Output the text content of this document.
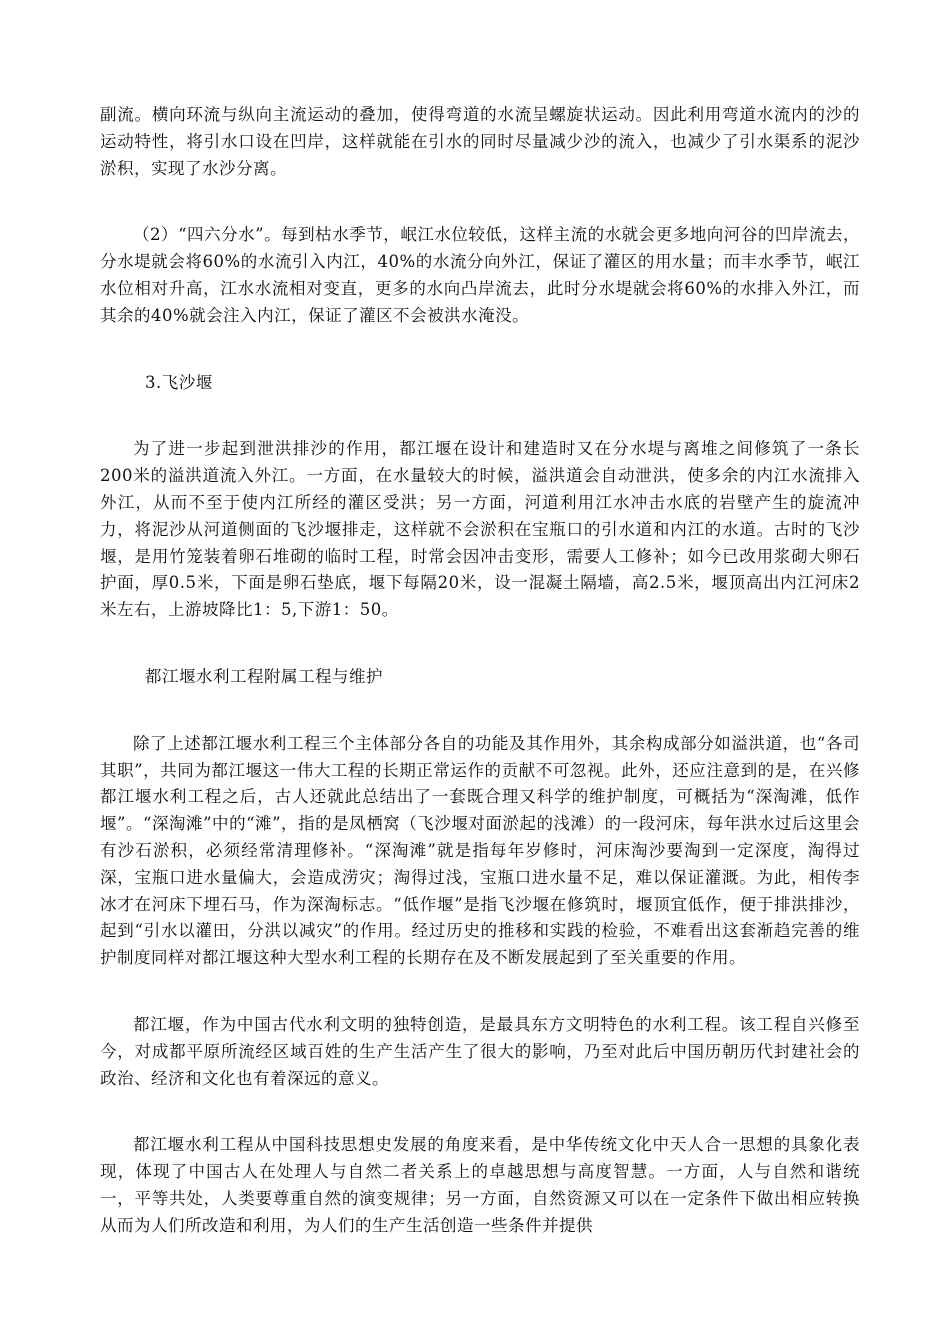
副流。横向环流与纵向主流运动的叠加，使得弯道的水流呈螺旋状运动。因此利用弯道水流内的沙的运动特性，将引水口设在凹岸，这样就能在引水的同时尽量减少沙的流入，也减少了引水渠系的泥沙淤积，实现了水沙分离。

（2）“四六分水”。每到枯水季节，岷江水位较低，这样主流的水就会更多地向河谷的凹岸流去，分水堤就会将60%的水流引入内江，40%的水流分向外江，保证了灌区的用水量；而丰水季节，岷江水位相对升高，江水水流相对变直，更多的水向凸岸流去，此时分水堤就会将60%的水排入外江，而其余的40%就会注入内江，保证了灌区不会被洪水淹没。

3.飞沙堰

为了进一步起到泄洪排沙的作用，都江堰在设计和建造时又在分水堤与离堆之间修筑了一条长200米的溢洪道流入外江。一方面，在水量较大的时候，溢洪道会自动泄洪，使多余的内江水流排入外江，从而不至于使内江所经的灌区受洪；另一方面，河道利用江水冲击水底的岩壁产生的旋流冲力，将泥沙从河道侧面的飞沙堰排走，这样就不会淤积在宝瓶口的引水道和内江的水道。古时的飞沙堰，是用竹笼装着卵石堆砌的临时工程，时常会因冲击变形，需要人工修补；如今已改用浆砌大卵石护面，厚0.5米，下面是卵石垫底，堰下每隔20米，设一混凝土隔墙，高2.5米，堰顶高出内江河床2米左右，上游坡降比1：5,下游1：50。

都江堰水利工程附属工程与维护

除了上述都江堰水利工程三个主体部分各自的功能及其作用外，其余构成部分如溢洪道，也“各司其职”，共同为都江堰这一伟大工程的长期正常运作的贡献不可忽视。此外，还应注意到的是，在兴修都江堰水利工程之后，古人还就此总结出了一套既合理又科学的维护制度，可概括为“深淘滩，低作堰”。“深淘滩”中的“滩”，指的是凤栖窝（飞沙堰对面淤起的浅滩）的一段河床，每年洪水过后这里会有沙石淤积，必须经常清理修补。“深淘滩”就是指每年岁修时，河床淘沙要淘到一定深度，淘得过深，宝瓶口进水量偏大，会造成涝灾；淘得过浅，宝瓶口进水量不足，难以保证灌溉。为此，相传李冰才在河床下埋石马，作为深淘标志。“低作堰”是指飞沙堰在修筑时，堰顶宜低作，便于排洪排沙，起到“引水以灌田，分洪以减灾”的作用。经过历史的推移和实践的检验，不难看出这套渐趋完善的维护制度同样对都江堰这种大型水利工程的长期存在及不断发展起到了至关重要的作用。

都江堰，作为中国古代水利文明的独特创造，是最具东方文明特色的水利工程。该工程自兴修至今，对成都平原所流经区域百姓的生产生活产生了很大的影响，乃至对此后中国历朝历代封建社会的政治、经济和文化也有着深远的意义。

都江堰水利工程从中国科技思想史发展的角度来看，是中华传统文化中天人合一思想的具象化表现，体现了中国古人在处理人与自然二者关系上的卓越思想与高度智慧。一方面，人与自然和谐统一，平等共处，人类要尊重自然的演变规律；另一方面，自然资源又可以在一定条件下做出相应转换从而为人们所改造和利用，为人们的生产生活创造一些条件并提供
